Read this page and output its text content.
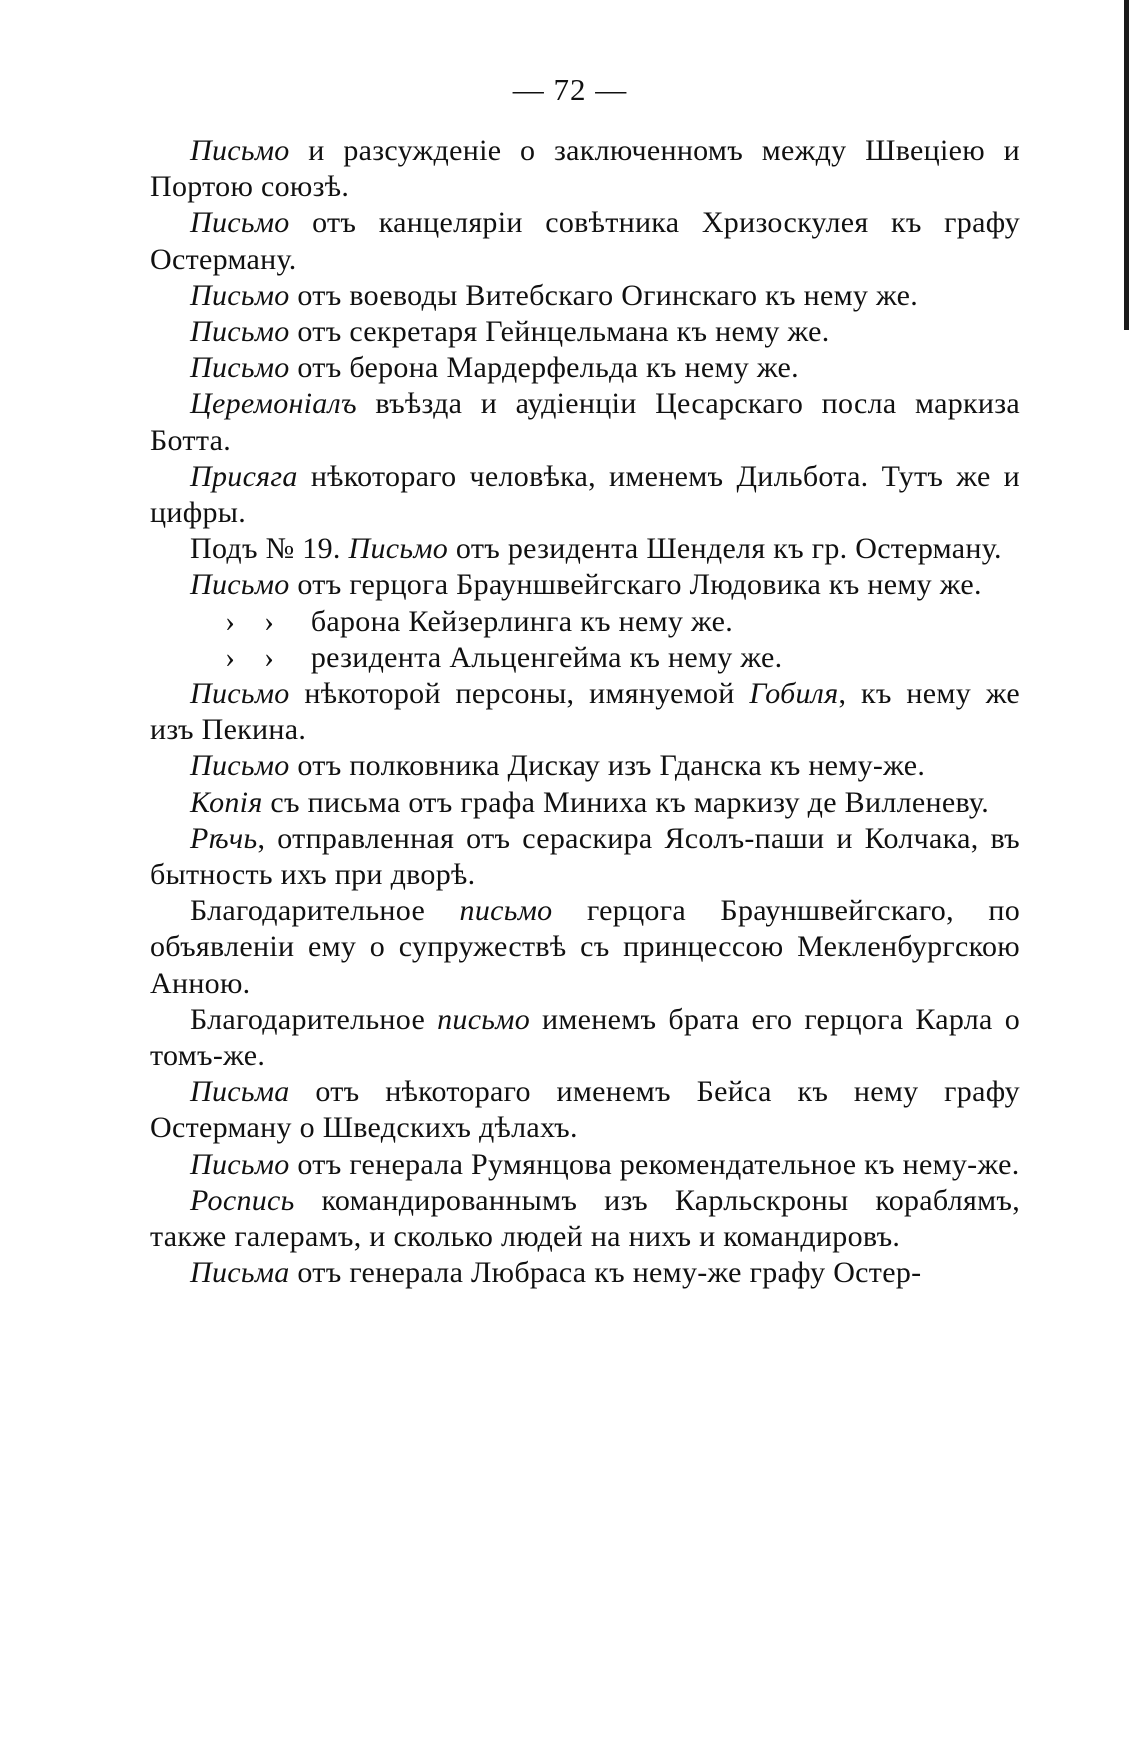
— 72 —

Письмо и разсужденіе о заключенномъ между Швеціею и Портою союзѣ.

Письмо отъ канцеляріи совѣтника Хризоскулея къ графу Остерману.

Письмо отъ воеводы Витебскаго Огинскаго къ нему же.

Письмо отъ секретаря Гейнцельмана къ нему же.

Письмо отъ берона Мардерфельда къ нему же.

Церемоніалъ въѣзда и аудіенціи Цесарскаго посла маркиза Ботта.

Присяга нѣкотораго человѣка, именемъ Дильбота. Тутъ же и цифры.

Подъ № 19. Письмо отъ резидента Шенделя къ гр. Остерману.

Письмо отъ герцога Брауншвейгскаго Людовика къ нему же.

› › барона Кейзерлинга къ нему же.

› › резидента Альценгейма къ нему же.

Письмо нѣкоторой персоны, имянуемой Гобиля, къ нему же изъ Пекина.

Письмо отъ полковника Дискау изъ Гданска къ нему-же.

Копія съ письма отъ графа Миниха къ маркизу де Вилленеву.

Рѣчь, отправленная отъ сераскира Ясолъ-паши и Колчака, въ бытность ихъ при дворѣ.

Благодарительное письмо герцога Брауншвейгскаго, по объявленіи ему о супружествѣ съ принцессою Мекленбургскою Анною.

Благодарительное письмо именемъ брата его герцога Карла о томъ-же.

Письма отъ нѣкотораго именемъ Бейса къ нему графу Остерману о Шведскихъ дѣлахъ.

Письмо отъ генерала Румянцова рекомендательное къ нему-же.

Роспись командированнымъ изъ Карльскроны кораблямъ, также галерамъ, и сколько людей на нихъ и командировъ.

Письма отъ генерала Любраса къ нему-же графу Остер-
